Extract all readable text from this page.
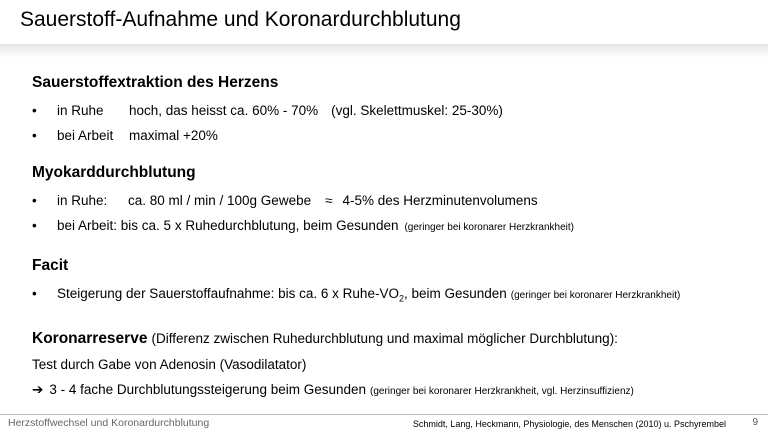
Sauerstoff-Aufnahme und Koronardurchblutung
Sauerstoffextraktion des Herzens
• in Ruhe hoch, das heisst ca. 60% - 70% (vgl. Skelettmuskel: 25-30%)
• bei Arbeit maximal +20%
Myokarddurchblutung
• in Ruhe: ca. 80 ml / min / 100g Gewebe ≈ 4-5% des Herzminutenvolumens
• bei Arbeit: bis ca. 5 x Ruhedurchblutung, beim Gesunden (geringer bei koronarer Herzkrankheit)
Facit
• Steigerung der Sauerstoffaufnahme: bis ca. 6 x Ruhe-$VO_2$, beim Gesunden (geringer bei koronarer Herzkrankheit)
Koronarreserve (Differenz zwischen Ruhedurchblutung und maximal möglicher Durchblutung):
Test durch Gabe von Adenosin (Vasodilatator)
➔ 3 - 4 fache Durchblutungssteigerung beim Gesunden (geringer bei koronarer Herzkrankheit, vgl. Herzinsuffizienz)
Herzstoffwechsel und Koronardurchblutung	Schmidt, Lang, Heckmann, Physiologie, des Menschen (2010) u. Pschyrembel	9
